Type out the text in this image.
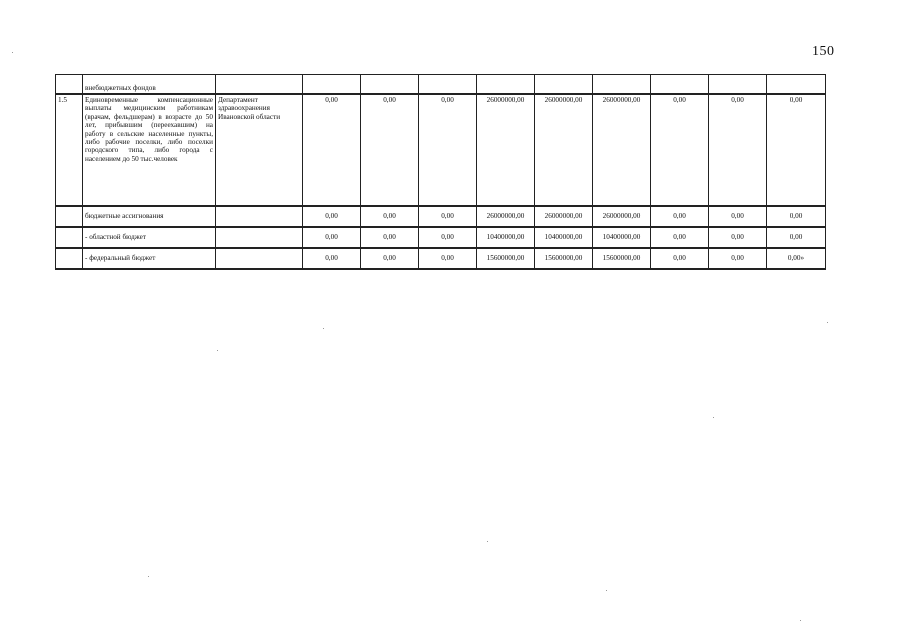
150
	внебюджетных фондов										
1.5	Единовременные компенсационные выплаты медицинским работникам (врачам, фельдшерам) в возрасте до 50 лет, прибывшим (переехавшим) на работу в сельские населенные пункты, либо рабочие поселки, либо поселки городского типа, либо города с населением до 50 тыс.человек	Департамент здравоохранения Ивановской области	0,00	0,00	0,00	26000000,00	26000000,00	26000000,00	0,00	0,00	0,00
	бюджетные ассигнования		0,00	0,00	0,00	26000000,00	26000000,00	26000000,00	0,00	0,00	0,00
	- областной бюджет		0,00	0,00	0,00	10400000,00	10400000,00	10400000,00	0,00	0,00	0,00
	- федеральный бюджет		0,00	0,00	0,00	15600000,00	15600000,00	15600000,00	0,00	0,00	0,00»
